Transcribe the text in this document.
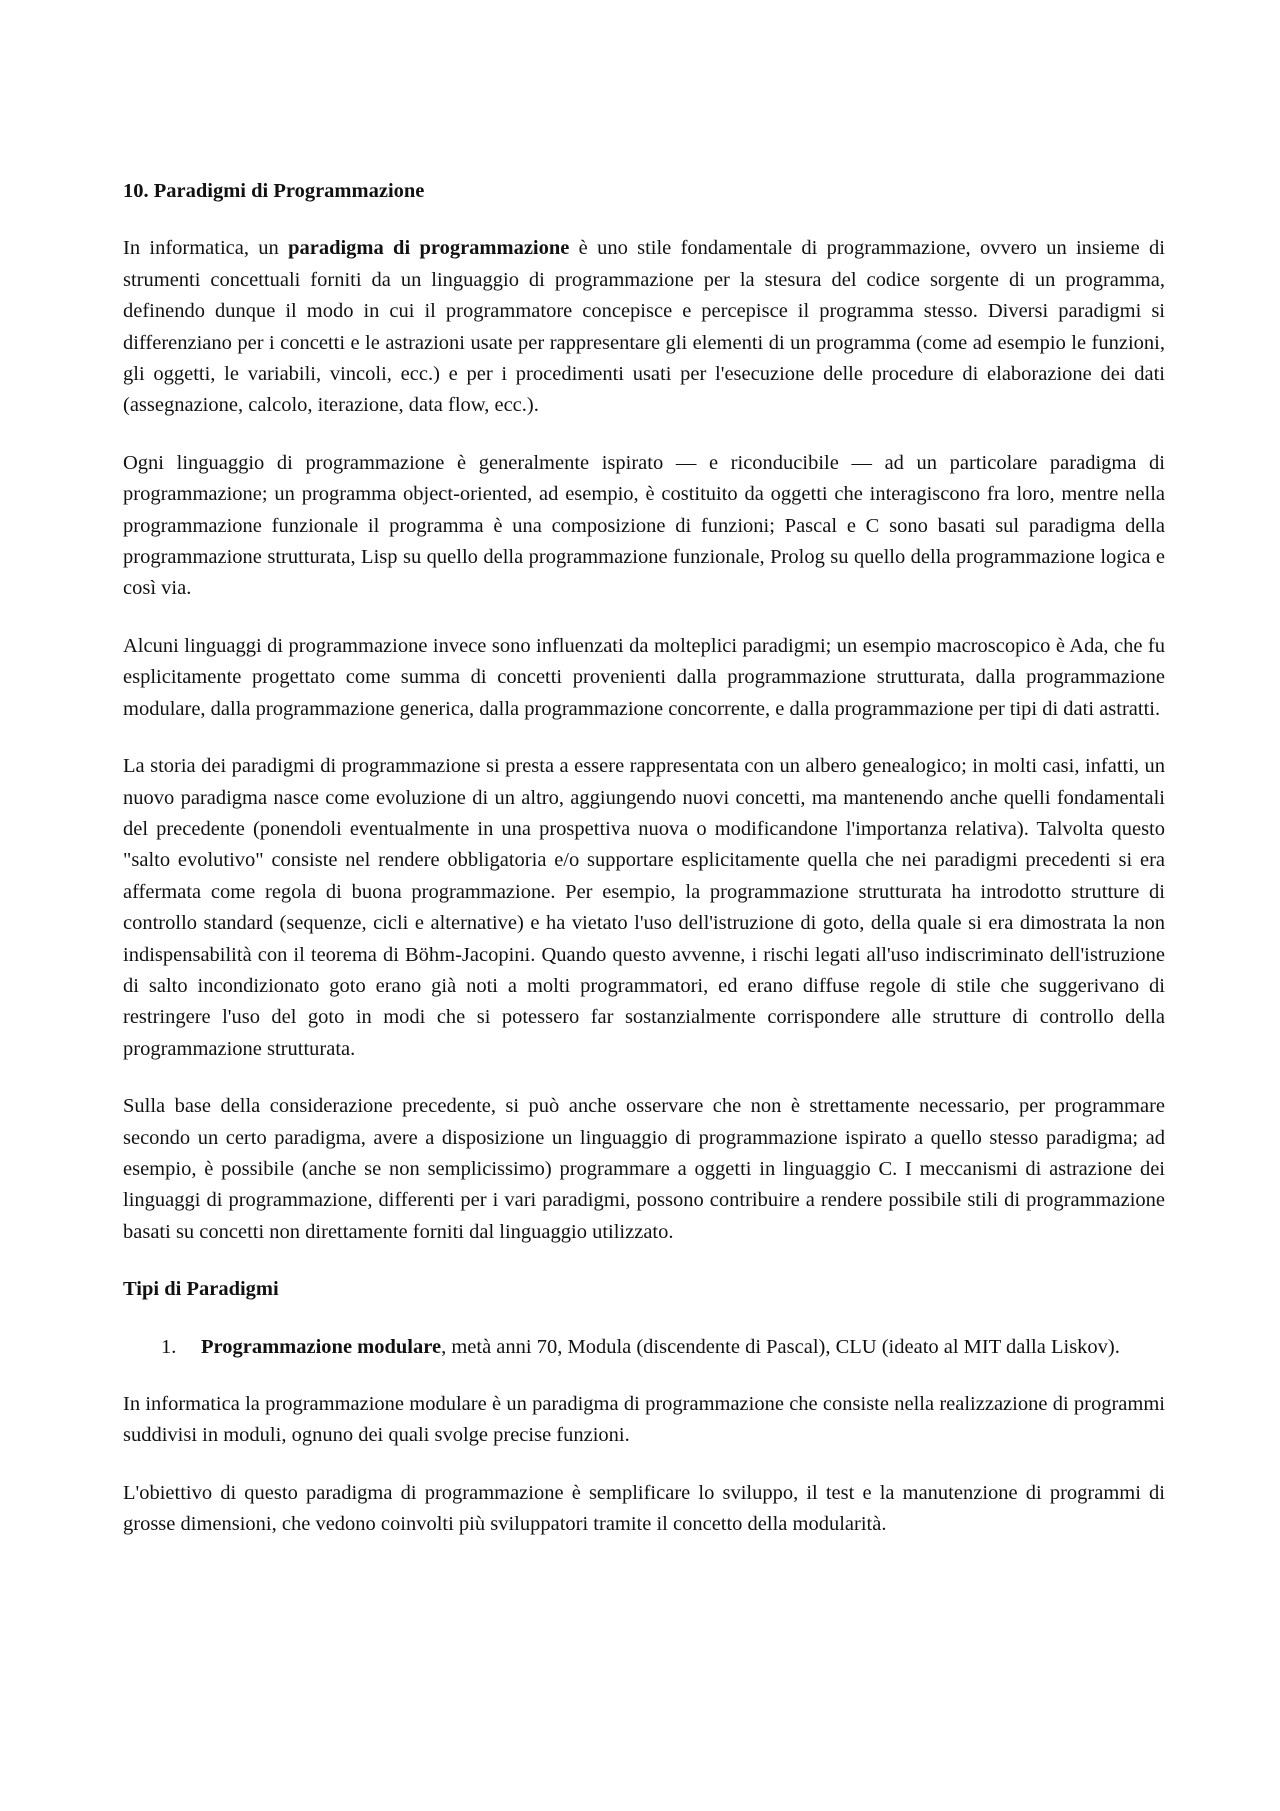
10. Paradigmi di Programmazione

In informatica, un paradigma di programmazione è uno stile fondamentale di programmazione, ovvero un insieme di strumenti concettuali forniti da un linguaggio di programmazione per la stesura del codice sorgente di un programma, definendo dunque il modo in cui il programmatore concepisce e percepisce il programma stesso. Diversi paradigmi si differenziano per i concetti e le astrazioni usate per rappresentare gli elementi di un programma (come ad esempio le funzioni, gli oggetti, le variabili, vincoli, ecc.) e per i procedimenti usati per l'esecuzione delle procedure di elaborazione dei dati (assegnazione, calcolo, iterazione, data flow, ecc.).

Ogni linguaggio di programmazione è generalmente ispirato — e riconducibile — ad un particolare paradigma di programmazione; un programma object-oriented, ad esempio, è costituito da oggetti che interagiscono fra loro, mentre nella programmazione funzionale il programma è una composizione di funzioni; Pascal e C sono basati sul paradigma della programmazione strutturata, Lisp su quello della programmazione funzionale, Prolog su quello della programmazione logica e così via.

Alcuni linguaggi di programmazione invece sono influenzati da molteplici paradigmi; un esempio macroscopico è Ada, che fu esplicitamente progettato come summa di concetti provenienti dalla programmazione strutturata, dalla programmazione modulare, dalla programmazione generica, dalla programmazione concorrente, e dalla programmazione per tipi di dati astratti.

La storia dei paradigmi di programmazione si presta a essere rappresentata con un albero genealogico; in molti casi, infatti, un nuovo paradigma nasce come evoluzione di un altro, aggiungendo nuovi concetti, ma mantenendo anche quelli fondamentali del precedente (ponendoli eventualmente in una prospettiva nuova o modificandone l'importanza relativa). Talvolta questo "salto evolutivo" consiste nel rendere obbligatoria e/o supportare esplicitamente quella che nei paradigmi precedenti si era affermata come regola di buona programmazione. Per esempio, la programmazione strutturata ha introdotto strutture di controllo standard (sequenze, cicli e alternative) e ha vietato l'uso dell'istruzione di goto, della quale si era dimostrata la non indispensabilità con il teorema di Böhm-Jacopini. Quando questo avvenne, i rischi legati all'uso indiscriminato dell'istruzione di salto incondizionato goto erano già noti a molti programmatori, ed erano diffuse regole di stile che suggerivano di restringere l'uso del goto in modi che si potessero far sostanzialmente corrispondere alle strutture di controllo della programmazione strutturata.

Sulla base della considerazione precedente, si può anche osservare che non è strettamente necessario, per programmare secondo un certo paradigma, avere a disposizione un linguaggio di programmazione ispirato a quello stesso paradigma; ad esempio, è possibile (anche se non semplicissimo) programmare a oggetti in linguaggio C. I meccanismi di astrazione dei linguaggi di programmazione, differenti per i vari paradigmi, possono contribuire a rendere possibile stili di programmazione basati su concetti non direttamente forniti dal linguaggio utilizzato.

Tipi di Paradigmi
1. Programmazione modulare, metà anni 70, Modula (discendente di Pascal), CLU (ideato al MIT dalla Liskov).

In informatica la programmazione modulare è un paradigma di programmazione che consiste nella realizzazione di programmi suddivisi in moduli, ognuno dei quali svolge precise funzioni.

L'obiettivo di questo paradigma di programmazione è semplificare lo sviluppo, il test e la manutenzione di programmi di grosse dimensioni, che vedono coinvolti più sviluppatori tramite il concetto della modularità.
